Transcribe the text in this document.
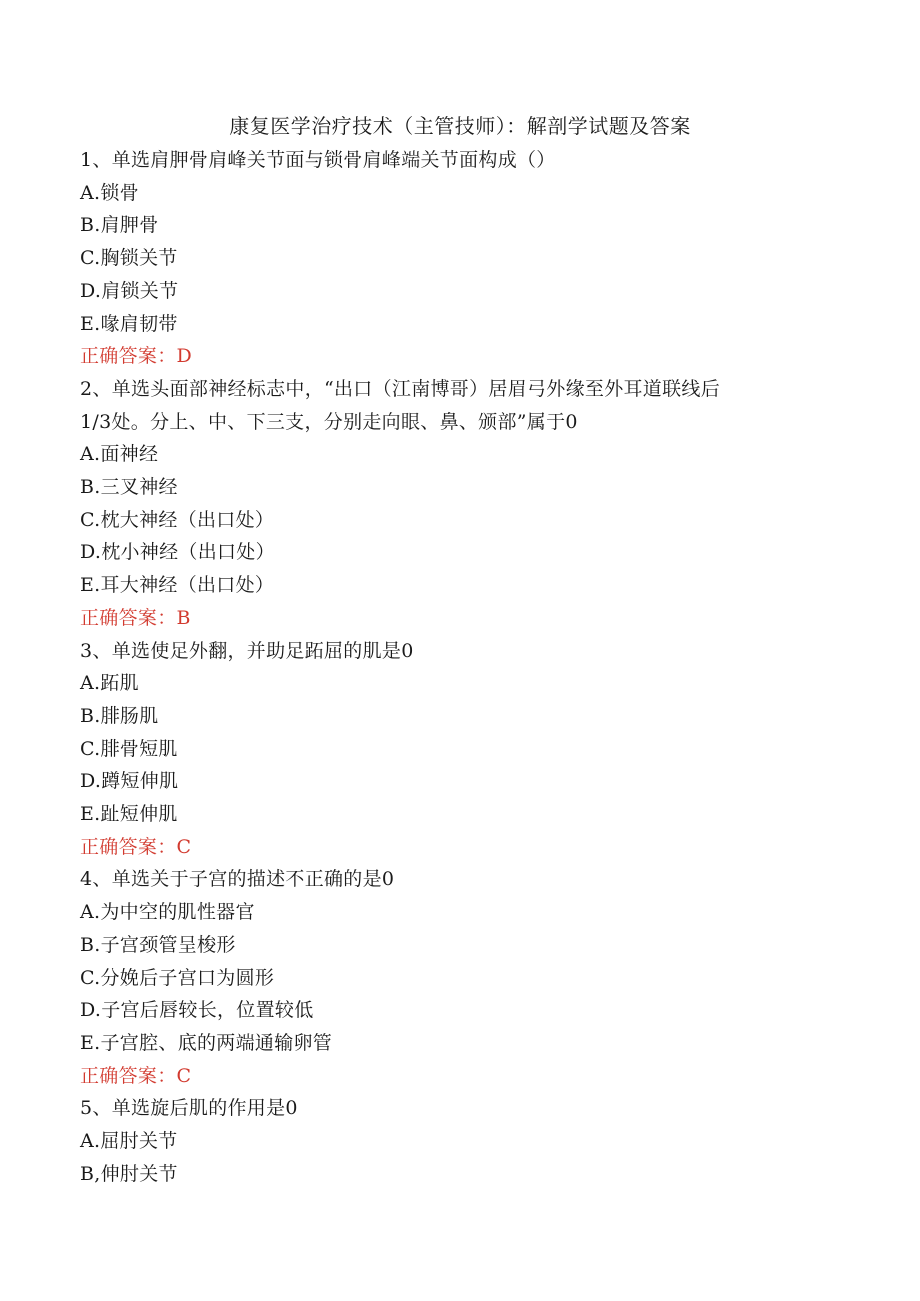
康复医学治疗技术（主管技师）：解剖学试题及答案
1、单选肩胛骨肩峰关节面与锁骨肩峰端关节面构成（）
A.锁骨
B.肩胛骨
C.胸锁关节
D.肩锁关节
E.喙肩韧带
正确答案：D
2、单选头面部神经标志中，“出口（江南博哥）居眉弓外缘至外耳道联线后
1/3处。分上、中、下三支，分别走向眼、鼻、颁部”属于0
A.面神经
B.三叉神经
C.枕大神经（出口处）
D.枕小神经（出口处）
E.耳大神经（出口处）
正确答案：B
3、单选使足外翻，并助足跖屈的肌是0
A.跖肌
B.腓肠肌
C.腓骨短肌
D.蹲短伸肌
E.趾短伸肌
正确答案：C
4、单选关于子宫的描述不正确的是0
A.为中空的肌性器官
B.子宫颈管呈梭形
C.分娩后子宫口为圆形
D.子宫后唇较长，位置较低
E.子宫腔、底的两端通输卵管
正确答案：C
5、单选旋后肌的作用是0
A.屈肘关节
B,伸肘关节
